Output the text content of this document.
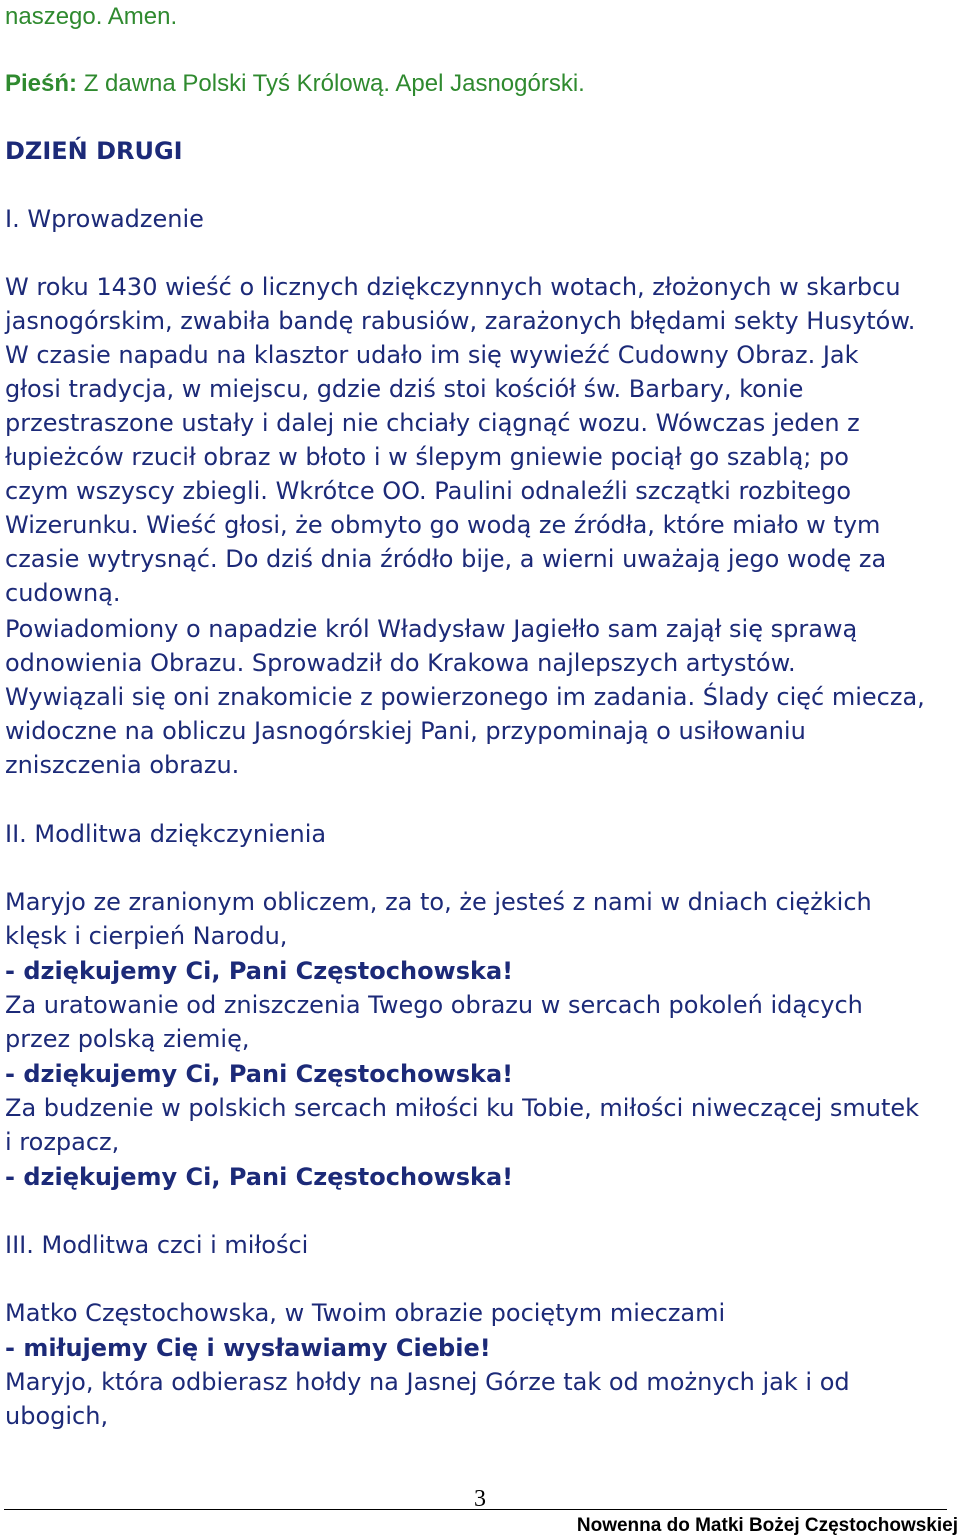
naszego. Amen.
Pieśń: Z dawna Polski Tyś Królową. Apel Jasnogórski.
DZIEŃ DRUGI
I. Wprowadzenie
W roku 1430 wieść o licznych dziękczynnych wotach, złożonych w skarbcu
jasnogórskim, zwabiła bandę rabusiów, zarażonych błędami sekty Husytów.
W czasie napadu na klasztor udało im się wywieźć Cudowny Obraz. Jak
głosi tradycja, w miejscu, gdzie dziś stoi kościół św. Barbary, konie
przestraszone ustały i dalej nie chciały ciągnąć wozu. Wówczas jeden z
łupieżców rzucił obraz w błoto i w ślepym gniewie pociął go szablą; po
czym wszyscy zbiegli. Wkrótce OO. Paulini odnaleźli szczątki rozbitego
Wizerunku. Wieść głosi, że obmyto go wodą ze źródła, które miało w tym
czasie wytrysnąć. Do dziś dnia źródło bije, a wierni uważają jego wodę za
cudowną.
Powiadomiony o napadzie król Władysław Jagiełło sam zajął się sprawą
odnowienia Obrazu. Sprowadził do Krakowa najlepszych artystów.
Wywiązali się oni znakomicie z powierzonego im zadania. Ślady cięć miecza,
widoczne na obliczu Jasnogórskiej Pani, przypominają o usiłowaniu
zniszczenia obrazu.
II. Modlitwa dziękczynienia
Maryjo ze zranionym obliczem, za to, że jesteś z nami w dniach ciężkich
klęsk i cierpień Narodu,
- dziękujemy Ci, Pani Częstochowska!
Za uratowanie od zniszczenia Twego obrazu w sercach pokoleń idących
przez polską ziemię,
- dziękujemy Ci, Pani Częstochowska!
Za budzenie w polskich sercach miłości ku Tobie, miłości niweczącej smutek
i rozpacz,
- dziękujemy Ci, Pani Częstochowska!
III. Modlitwa czci i miłości
Matko Częstochowska, w Twoim obrazie pociętym mieczami
- miłujemy Cię i wysławiamy Ciebie!
Maryjo, która odbierasz hołdy na Jasnej Górze tak od możnych jak i od
ubogich,
3
Nowenna do Matki Bożej Częstochowskiej
